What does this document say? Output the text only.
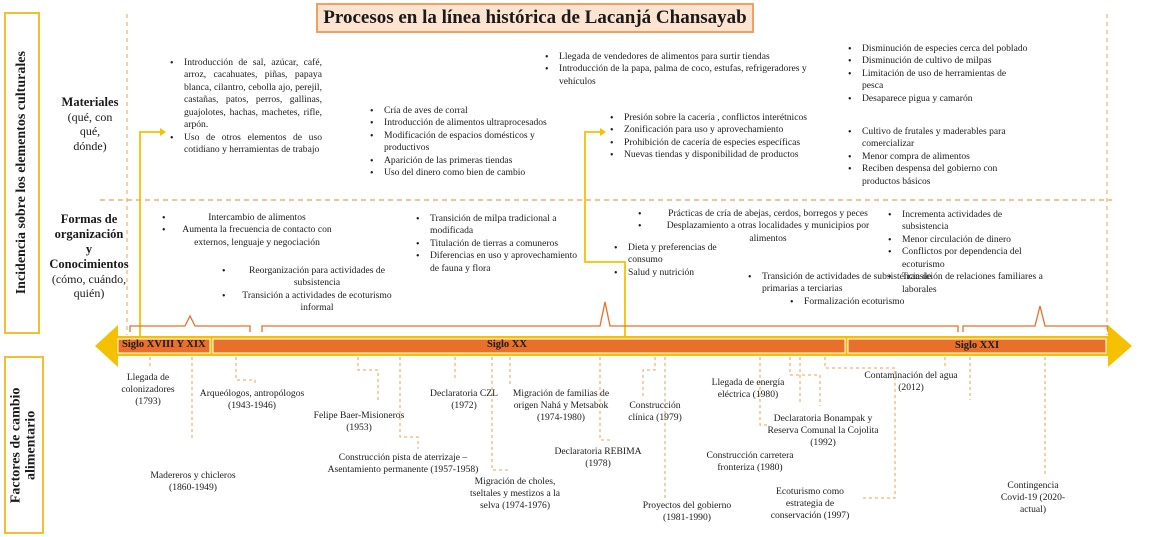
Procesos en la línea histórica de Lacanjá Chansayab
Incidencia sobre los elementos culturales
Factores de cambio alimentario
Materiales
(qué, con
qué,
dónde)
Formas de
organización
y
Conocimientos
(cómo, cuándo,
quién)
Siglo XVIII Y XIX	Siglo XX	Siglo XXI
• Introducción de sal, azúcar, café, arroz, cacahuates, piñas, papaya blanca, cilantro, cebolla ajo, perejil, castañas, patos, perros, gallinas, guajolotes, hachas, machetes, rifle, arpón.
• Uso de otros elementos de uso cotidiano y herramientas de trabajo
• Cría de aves de corral
• Introducción de alimentos ultraprocesados
• Modificación de espacios domésticos y productivos
• Aparición de las primeras tiendas
• Uso del dinero como bien de cambio
• Llegada de vendedores de alimentos para surtir tiendas
• Introducción de la papa, palma de coco, estufas, refrigeradores y vehículos
• Presión sobre la cacería , conflictos interétnicos
• Zonificación para uso y aprovechamiento
• Prohibición de cacería de especies específicas
• Nuevas tiendas y disponibilidad de productos
• Disminución de especies cerca del poblado
• Disminución de cultivo de milpas
• Limitación de uso de herramientas de pesca
• Desaparece pigua y camarón
• Cultivo de frutales y maderables para comercializar
• Menor compra de alimentos
• Reciben despensa del gobierno con productos básicos
• Intercambio de alimentos
• Aumenta la frecuencia de contacto con externos, lenguaje y negociación
• Reorganización para actividades de subsistencia
• Transición a actividades de ecoturismo informal
• Transición de milpa tradicional a modificada
• Titulación de tierras a comuneros
• Diferencias en uso y aprovechamiento de fauna y flora
• Prácticas de cría de abejas, cerdos, borregos y peces
• Desplazamiento a otras localidades y municipios por alimentos
• Dieta y preferencias de consumo
• Salud y nutrición
•	Transición de actividades de subsistencia de primarias a terciarias
• Formalización ecoturismo
• Incrementa actividades de subsistencia
• Menor circulación de dinero
• Conflictos por dependencia del ecoturismo
• Transición de relaciones familiares a laborales
Llegada de colonizadores (1793)
Arqueólogos, antropólogos (1943-1946)
Madereros y chicleros (1860-1949)
Felipe Baer-Misioneros (1953)
Construcción pista de aterrizaje – Asentamiento permanente (1957-1958)
Declaratoria CZL (1972)
Migración de familias de origen Nahá y Metsabok (1974-1980)
Migración de choles, tseltales y mestizos a la selva (1974-1976)
Declaratoria REBIMA (1978)
Construcción clínica (1979)
Proyectos del gobierno (1981-1990)
Llegada de energía eléctrica (1980)
Construcción carretera fronteriza (1980)
Declaratoria Bonampak y Reserva Comunal la Cojolita (1992)
Ecoturismo como estrategia de conservación (1997)
Contaminación del agua (2012)
Contingencia Covid-19 (2020-actual)
